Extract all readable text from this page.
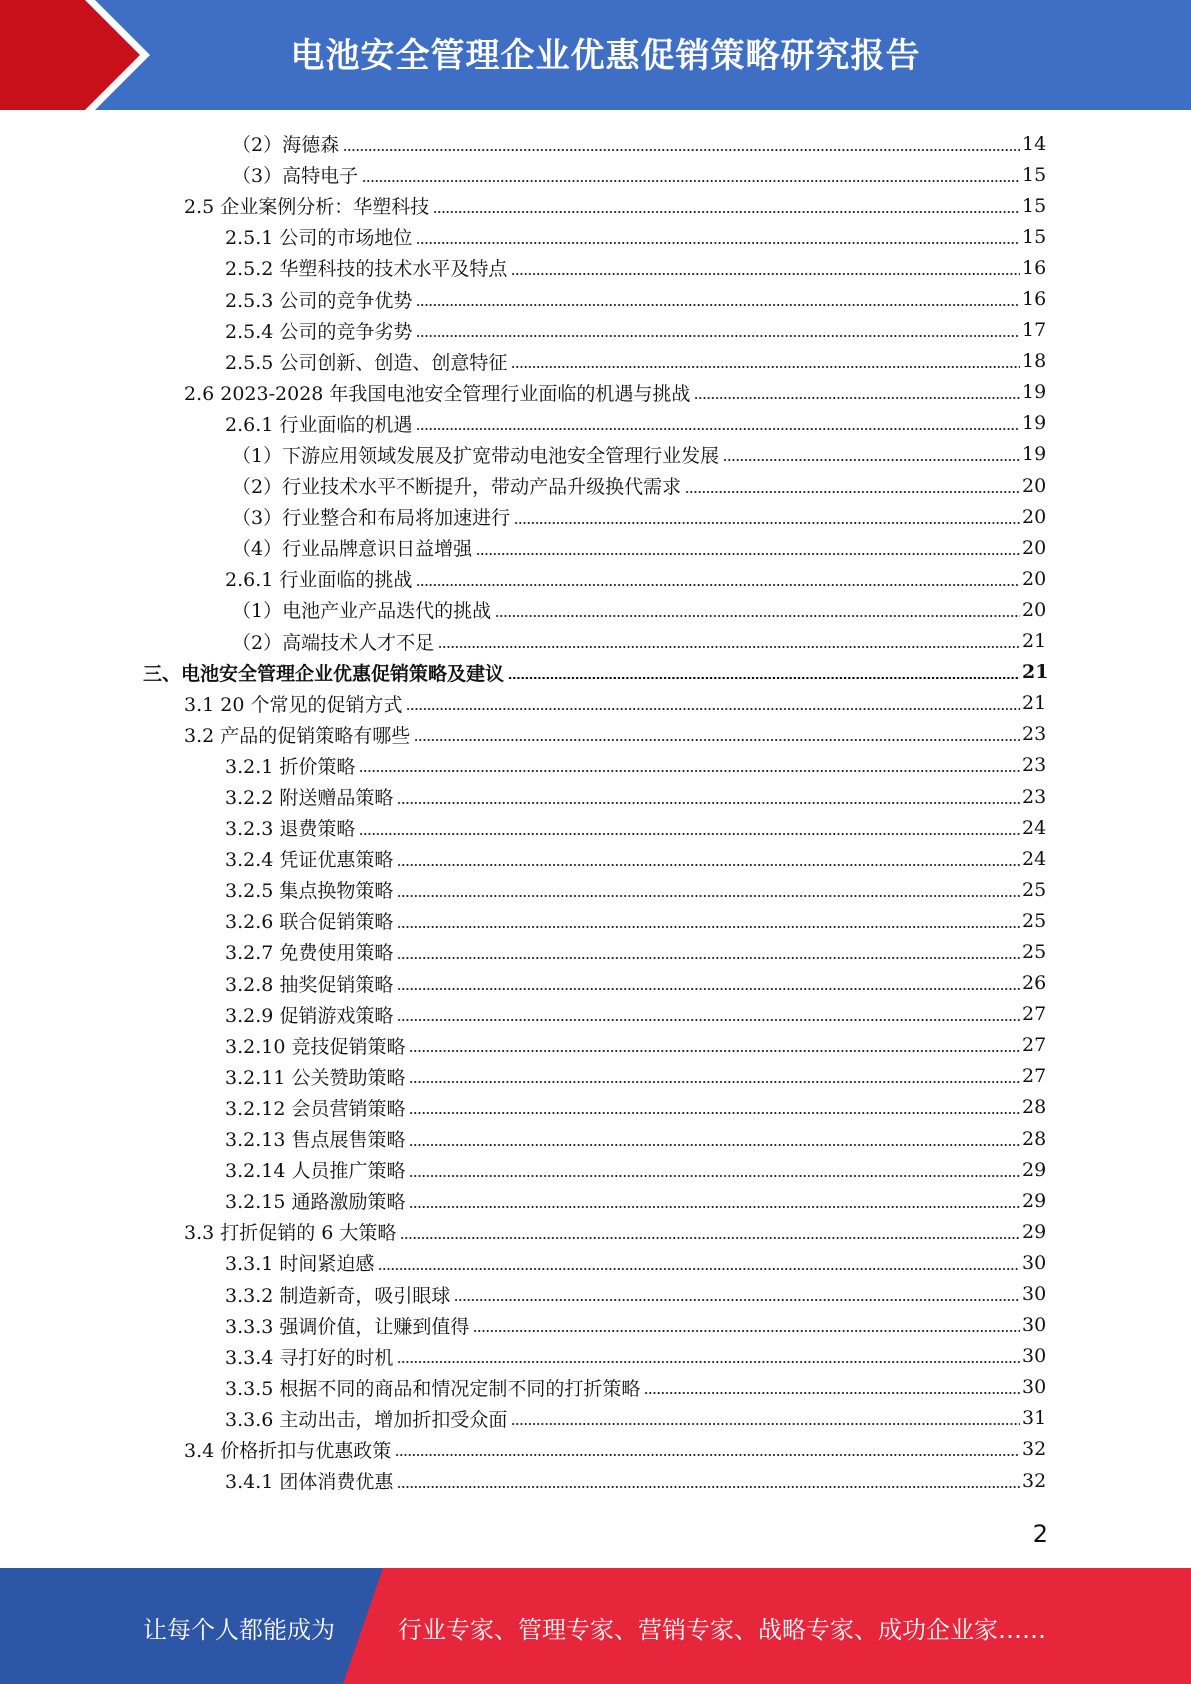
电池安全管理企业优惠促销策略研究报告
（2）海德森	14
（3）高特电子	15
2.5 企业案例分析：华塑科技	15
2.5.1 公司的市场地位	15
2.5.2 华塑科技的技术水平及特点	16
2.5.3 公司的竞争优势	16
2.5.4 公司的竞争劣势	17
2.5.5 公司创新、创造、创意特征	18
2.6 2023-2028 年我国电池安全管理行业面临的机遇与挑战	19
2.6.1 行业面临的机遇	19
（1）下游应用领域发展及扩宽带动电池安全管理行业发展	19
（2）行业技术水平不断提升，带动产品升级换代需求	20
（3）行业整合和布局将加速进行	20
（4）行业品牌意识日益增强	20
2.6.1 行业面临的挑战	20
（1）电池产业产品迭代的挑战	20
（2）高端技术人才不足	21
三、电池安全管理企业优惠促销策略及建议	21
3.1 20 个常见的促销方式	21
3.2 产品的促销策略有哪些	23
3.2.1 折价策略	23
3.2.2 附送赠品策略	23
3.2.3 退费策略	24
3.2.4 凭证优惠策略	24
3.2.5 集点换物策略	25
3.2.6 联合促销策略	25
3.2.7 免费使用策略	25
3.2.8 抽奖促销策略	26
3.2.9 促销游戏策略	27
3.2.10 竞技促销策略	27
3.2.11 公关赞助策略	27
3.2.12 会员营销策略	28
3.2.13 售点展售策略	28
3.2.14 人员推广策略	29
3.2.15 通路激励策略	29
3.3 打折促销的 6 大策略	29
3.3.1 时间紧迫感	30
3.3.2 制造新奇，吸引眼球	30
3.3.3 强调价值，让赚到值得	30
3.3.4 寻打好的时机	30
3.3.5 根据不同的商品和情况定制不同的打折策略	30
3.3.6 主动出击，增加折扣受众面	31
3.4 价格折扣与优惠政策	32
3.4.1 团体消费优惠	32
2
让每个人都能成为	行业专家、管理专家、营销专家、战略专家、成功企业家……
